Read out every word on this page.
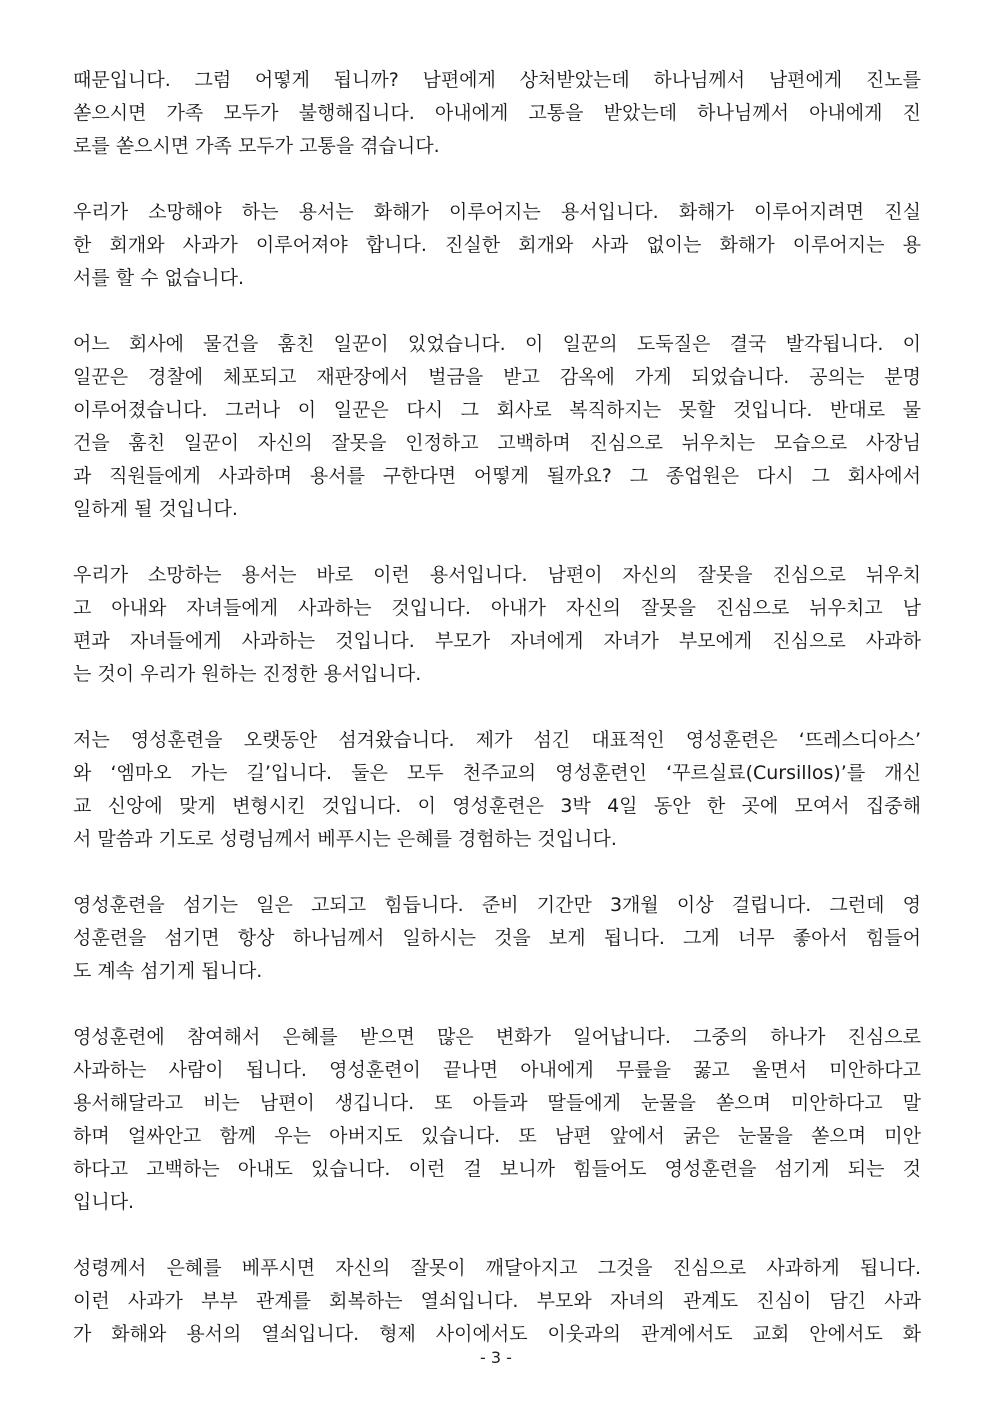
때문입니다. 그럼 어떻게 됩니까? 남편에게 상처받았는데 하나님께서 남편에게 진노를
쏟으시면 가족 모두가 불행해집니다. 아내에게 고통을 받았는데 하나님께서 아내에게 진
로를 쏟으시면 가족 모두가 고통을 겪습니다.
우리가 소망해야 하는 용서는 화해가 이루어지는 용서입니다. 화해가 이루어지려면 진실
한 회개와 사과가 이루어져야 합니다. 진실한 회개와 사과 없이는 화해가 이루어지는 용
서를 할 수 없습니다.
어느 회사에 물건을 훔친 일꾼이 있었습니다. 이 일꾼의 도둑질은 결국 발각됩니다. 이
일꾼은 경찰에 체포되고 재판장에서 벌금을 받고 감옥에 가게 되었습니다. 공의는 분명
이루어졌습니다. 그러나 이 일꾼은 다시 그 회사로 복직하지는 못할 것입니다. 반대로 물
건을 훔친 일꾼이 자신의 잘못을 인정하고 고백하며 진심으로 뉘우치는 모습으로 사장님
과 직원들에게 사과하며 용서를 구한다면 어떻게 될까요? 그 종업원은 다시 그 회사에서
일하게 될 것입니다.
우리가 소망하는 용서는 바로 이런 용서입니다. 남편이 자신의 잘못을 진심으로 뉘우치
고 아내와 자녀들에게 사과하는 것입니다. 아내가 자신의 잘못을 진심으로 뉘우치고 남
편과 자녀들에게 사과하는 것입니다. 부모가 자녀에게 자녀가 부모에게 진심으로 사과하
는 것이 우리가 원하는 진정한 용서입니다.
저는 영성훈련을 오랫동안 섬겨왔습니다. 제가 섬긴 대표적인 영성훈련은 ‘뜨레스디아스’
와 ‘엠마오 가는 길’입니다. 둘은 모두 천주교의 영성훈련인 ‘꾸르실료(Cursillos)’를 개신
교 신앙에 맞게 변형시킨 것입니다. 이 영성훈련은 3박 4일 동안 한 곳에 모여서 집중해
서 말씀과 기도로 성령님께서 베푸시는 은혜를 경험하는 것입니다.
영성훈련을 섬기는 일은 고되고 힘듭니다. 준비 기간만 3개월 이상 걸립니다. 그런데 영
성훈련을 섬기면 항상 하나님께서 일하시는 것을 보게 됩니다. 그게 너무 좋아서 힘들어
도 계속 섬기게 됩니다.
영성훈련에 참여해서 은혜를 받으면 많은 변화가 일어납니다. 그중의 하나가 진심으로
사과하는 사람이 됩니다. 영성훈련이 끝나면 아내에게 무릎을 꿇고 울면서 미안하다고
용서해달라고 비는 남편이 생깁니다. 또 아들과 딸들에게 눈물을 쏟으며 미안하다고 말
하며 얼싸안고 함께 우는 아버지도 있습니다. 또 남편 앞에서 굵은 눈물을 쏟으며 미안
하다고 고백하는 아내도 있습니다. 이런 걸 보니까 힘들어도 영성훈련을 섬기게 되는 것
입니다.
성령께서 은혜를 베푸시면 자신의 잘못이 깨달아지고 그것을 진심으로 사과하게 됩니다.
이런 사과가 부부 관계를 회복하는 열쇠입니다. 부모와 자녀의 관계도 진심이 담긴 사과
가 화해와 용서의 열쇠입니다. 형제 사이에서도 이웃과의 관계에서도 교회 안에서도 화
- 3 -
